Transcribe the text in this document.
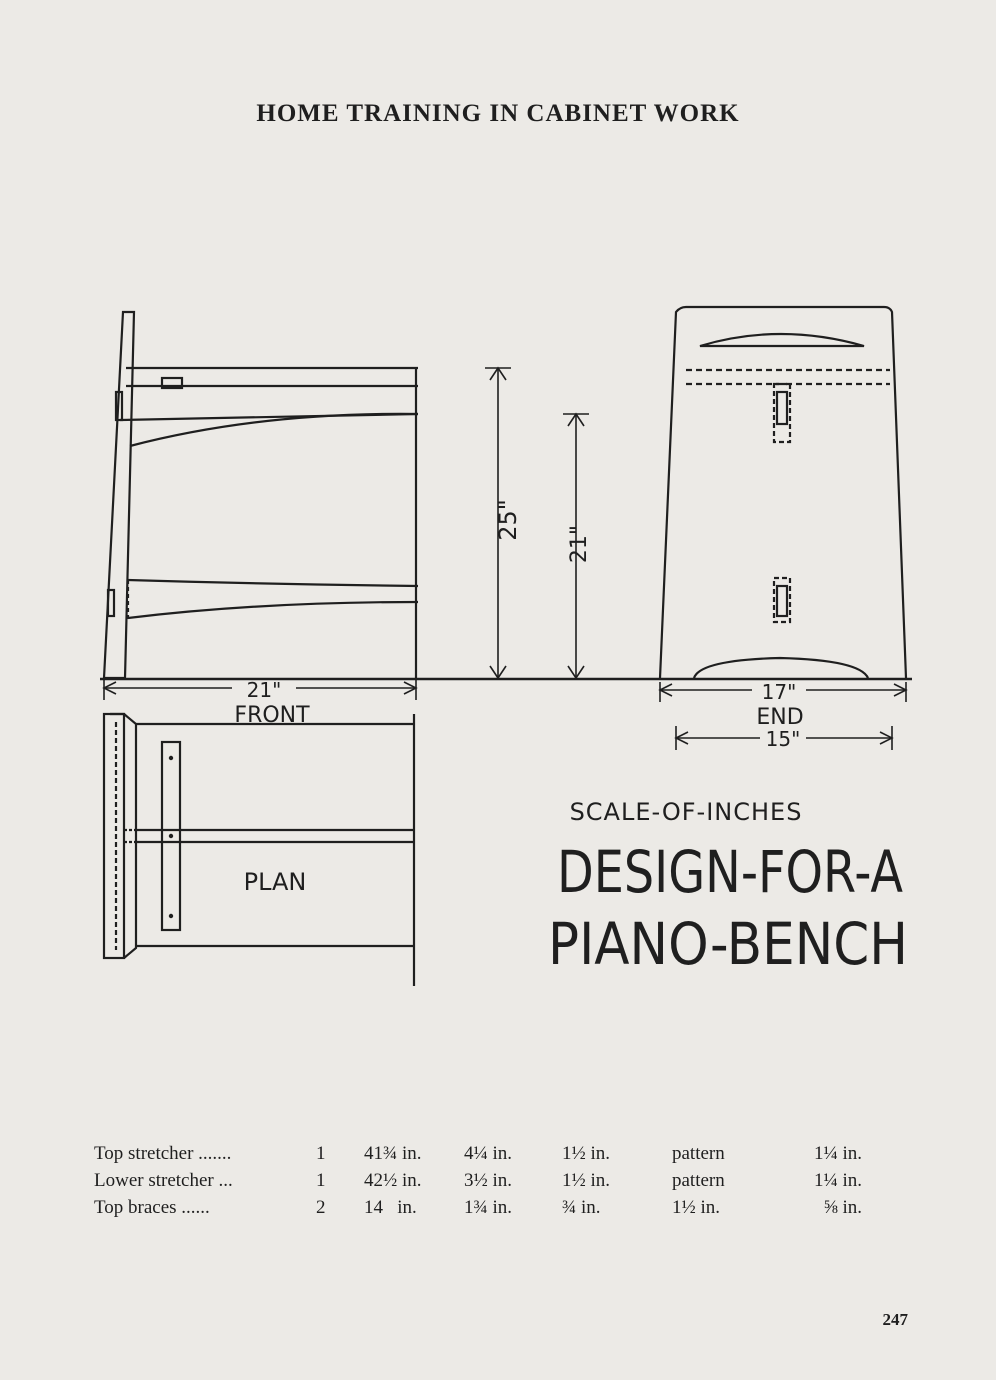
HOME TRAINING IN CABINET WORK
21"
FRONT
17"
END
15"
25"
21"
PLAN
SCALE-OF-INCHES
DESIGN-FOR-A
PIANO-BENCH
Top stretcher .......	1	41¾ in.	4¼ in.	1½ in.	pattern	1¼ in.
Lower stretcher ...	1	42½ in.	3½ in.	1½ in.	pattern	1¼ in.
Top braces ......	2	14   in.	1¾ in.	¾ in.	1½ in.	⅝ in.
247
